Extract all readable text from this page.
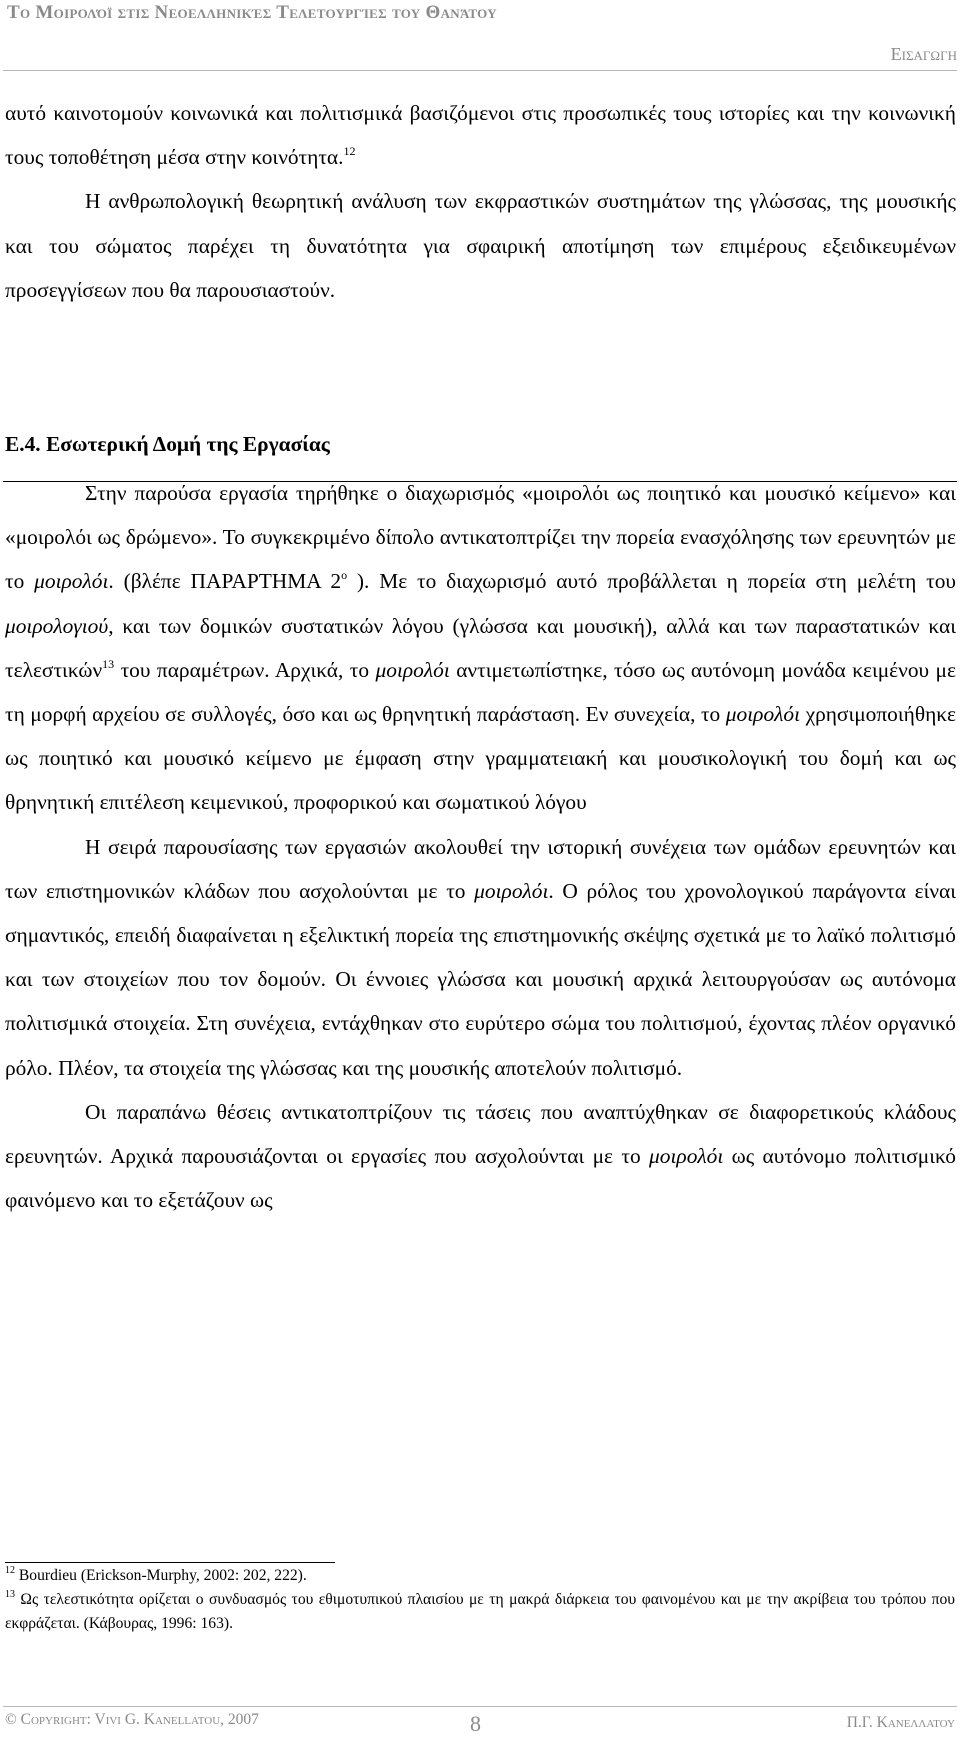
Το Μοιρολόϊ στις Νεοελληνικές Τελετουργίες του Θανάτου
Εισαγωγη

αυτό καινοτομούν κοινωνικά και πολιτισμικά βασιζόμενοι στις προσωπικές τους ιστορίες και την κοινωνική τους τοποθέτηση μέσα στην κοινότητα.$^{12}$

Η ανθρωπολογική θεωρητική ανάλυση των εκφραστικών συστημάτων της γλώσσας, της μουσικής και του σώματος παρέχει τη δυνατότητα για σφαιρική αποτίμηση των επιμέρους εξειδικευμένων προσεγγίσεων που θα παρουσιαστούν.

Ε.4. Εσωτερική Δομή της Εργασίας

Στην παρούσα εργασία τηρήθηκε ο διαχωρισμός «μοιρολόι ως ποιητικό και μουσικό κείμενο» και «μοιρολόι ως δρώμενο». Το συγκεκριμένο δίπολο αντικατοπτρίζει την πορεία ενασχόλησης των ερευνητών με το μοιρολόι. (βλέπε ΠΑΡΑΡΤΗΜΑ $2^o$ ). Με το διαχωρισμό αυτό προβάλλεται η πορεία στη μελέτη του μοιρολογιού, και των δομικών συστατικών λόγου (γλώσσα και μουσική), αλλά και των παραστατικών και τελεστικών$^{13}$ του παραμέτρων. Αρχικά, το μοιρολόι αντιμετωπίστηκε, τόσο ως αυτόνομη μονάδα κειμένου με τη μορφή αρχείου σε συλλογές, όσο και ως θρηνητική παράσταση. Εν συνεχεία, το μοιρολόι χρησιμοποιήθηκε ως ποιητικό και μουσικό κείμενο με έμφαση στην γραμματειακή και μουσικολογική του δομή και ως θρηνητική επιτέλεση κειμενικού, προφορικού και σωματικού λόγου

Η σειρά παρουσίασης των εργασιών ακολουθεί την ιστορική συνέχεια των ομάδων ερευνητών και των επιστημονικών κλάδων που ασχολούνται με το μοιρολόι. Ο ρόλος του χρονολογικού παράγοντα είναι σημαντικός, επειδή διαφαίνεται η εξελικτική πορεία της επιστημονικής σκέψης σχετικά με το λαϊκό πολιτισμό και των στοιχείων που τον δομούν. Οι έννοιες γλώσσα και μουσική αρχικά λειτουργούσαν ως αυτόνομα πολιτισμικά στοιχεία. Στη συνέχεια, εντάχθηκαν στο ευρύτερο σώμα του πολιτισμού, έχοντας πλέον οργανικό ρόλο. Πλέον, τα στοιχεία της γλώσσας και της μουσικής αποτελούν πολιτισμό.

Οι παραπάνω θέσεις αντικατοπτρίζουν τις τάσεις που αναπτύχθηκαν σε διαφορετικούς κλάδους ερευνητών. Αρχικά παρουσιάζονται οι εργασίες που ασχολούνται με το μοιρολόι ως αυτόνομο πολιτισμικό φαινόμενο και το εξετάζουν ως

$^{12}$ Bourdieu (Erickson-Murphy, 2002: 202, 222).

$^{13}$ Ως τελεστικότητα ορίζεται ο συνδυασμός του εθιμοτυπικού πλαισίου με τη μακρά διάρκεια του φαινομένου και με την ακρίβεια του τρόπου που εκφράζεται. (Κάβουρας, 1996: 163).

© Copyright: Vivi G. Kanellatou, 2007	8	Π.Γ. Κανελλατου
